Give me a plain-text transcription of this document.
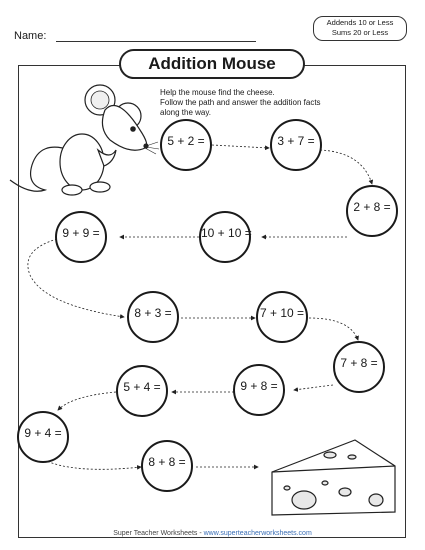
Name:
Addends 10 or Less
Sums 20 or Less
Addition Mouse
Help the mouse find the cheese.
Follow the path and answer the addition facts
along the way.
5 + 2 =	3 + 7 =
2 + 8 =
10 + 10 =
9 + 9 =
8 + 3 =	7 + 10 =
7 + 8 =
9 + 8 =
5 + 4 =
9 + 4 =
8 + 8 =
Super Teacher Worksheets - www.superteacherworksheets.com
